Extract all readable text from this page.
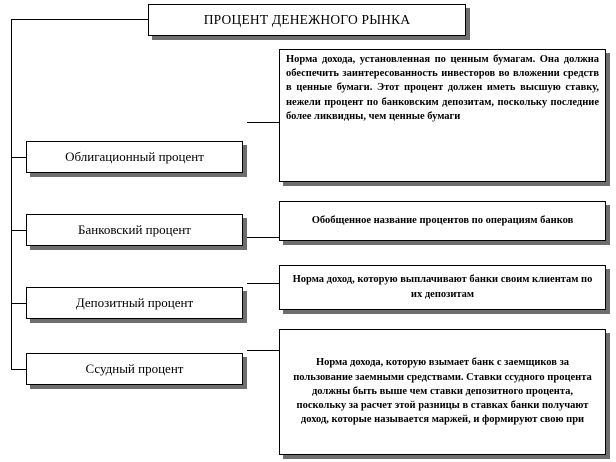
ПРОЦЕНТ ДЕНЕЖНОГО РЫНКА
Облигационный процент
Банковский процент
Депозитный процент
Ссудный процент
Норма дохода, установленная по ценным бумагам. Она должна обеспечить заинтересованность инвесторов во вложении средств в ценные бумаги. Этот процент должен иметь высшую ставку, нежели процент по банковским депозитам, поскольку последние более ликвидны, чем ценные бумаги
Обобщенное название процентов по операциям банков
Норма доход, которую выплачивают банки своим клиентам по их депозитам
Норма дохода, которую взымает банк с заемщиков за пользование заемными средствами. Ставки ссудного процента должны быть выше чем ставки депозитного процента, поскольку за расчет этой разницы в ставках банки получают доход, которые называется маржей, и формируют свою при
